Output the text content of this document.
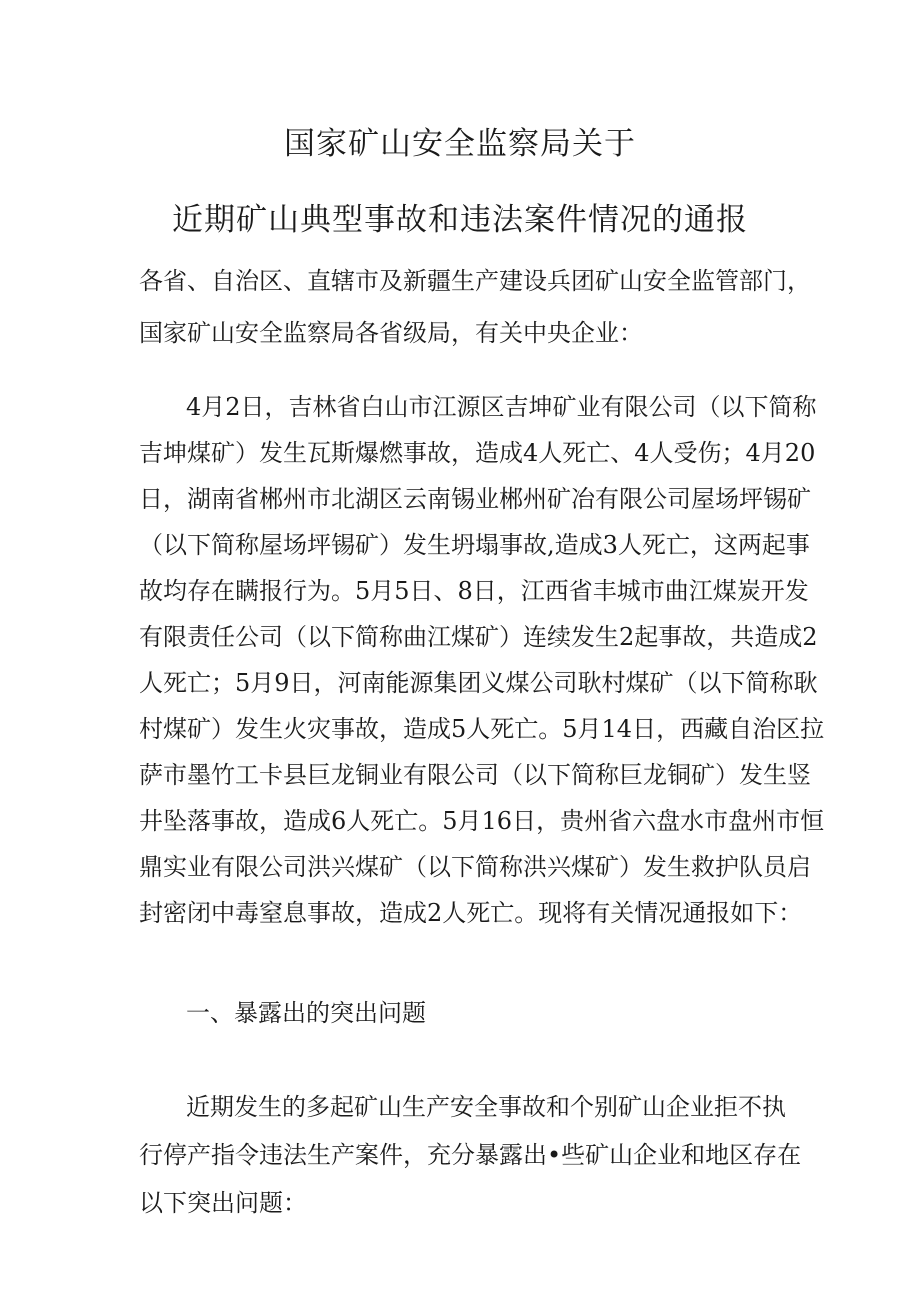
国家矿山安全监察局关于
近期矿山典型事故和违法案件情况的通报

各省、自治区、直辖市及新疆生产建设兵团矿山安全监管部门，

国家矿山安全监察局各省级局，有关中央企业：

4月2日，吉林省白山市江源区吉坤矿业有限公司（以下简称

吉坤煤矿）发生瓦斯爆燃事故，造成4人死亡、4人受伤；4月20

日，湖南省郴州市北湖区云南锡业郴州矿冶有限公司屋场坪锡矿

（以下简称屋场坪锡矿）发生坍塌事故,造成3人死亡，这两起事

故均存在瞒报行为。5月5日、8日，江西省丰城市曲江煤炭开发

有限责任公司（以下简称曲江煤矿）连续发生2起事故，共造成2

人死亡；5月9日，河南能源集团义煤公司耿村煤矿（以下简称耿

村煤矿）发生火灾事故，造成5人死亡。5月14日，西藏自治区拉

萨市墨竹工卡县巨龙铜业有限公司（以下简称巨龙铜矿）发生竖

井坠落事故，造成6人死亡。5月16日，贵州省六盘水市盘州市恒

鼎实业有限公司洪兴煤矿（以下简称洪兴煤矿）发生救护队员启

封密闭中毒窒息事故，造成2人死亡。现将有关情况通报如下：

一、暴露出的突出问题

近期发生的多起矿山生产安全事故和个别矿山企业拒不执

行停产指令违法生产案件，充分暴露出•些矿山企业和地区存在

以下突出问题：
